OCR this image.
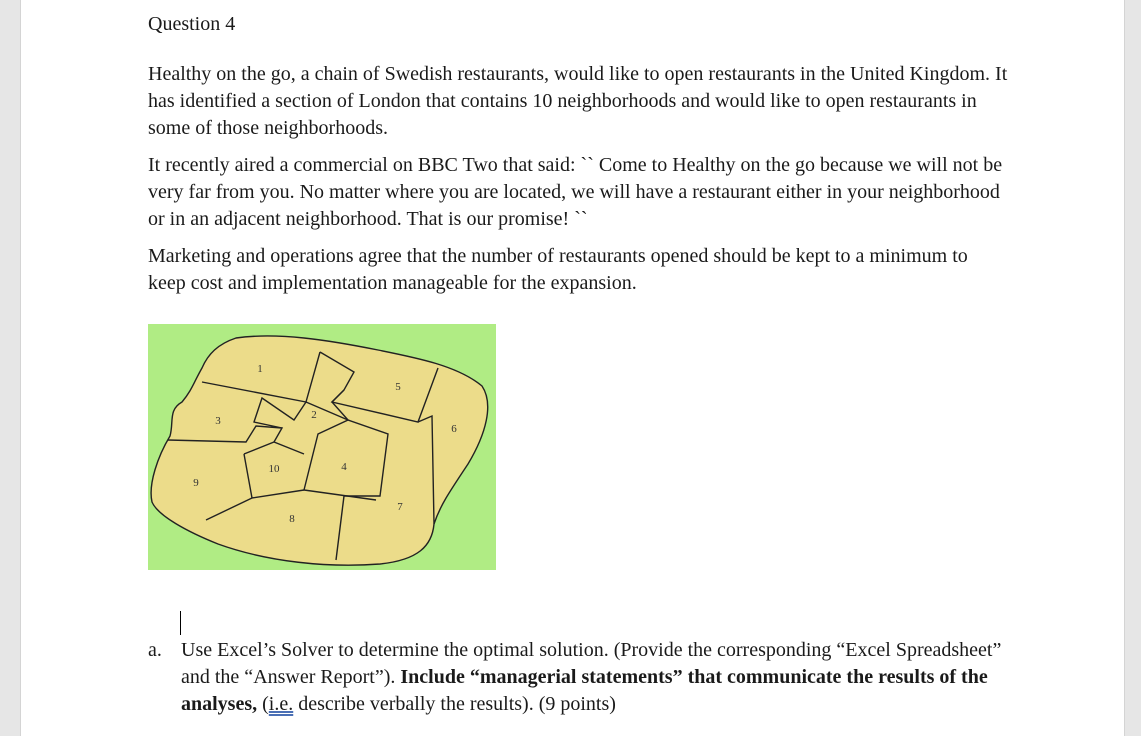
Question 4

Healthy on the go, a chain of Swedish restaurants, would like to open restaurants in the United Kingdom. It has identified a section of London that contains 10 neighborhoods and would like to open restaurants in some of those neighborhoods.

It recently aired a commercial on BBC Two that said: `` Come to Healthy on the go because we will not be very far from you. No matter where you are located, we will have a restaurant either in your neighborhood or in an adjacent neighborhood. That is our promise! ``

Marketing and operations agree that the number of restaurants opened should be kept to a minimum to keep cost and implementation manageable for the expansion.

1
2
3
4
5
6
7
8
9
10
a. Use Excel’s Solver to determine the optimal solution. (Provide the corresponding “Excel Spreadsheet” and the “Answer Report”). Include “managerial statements” that communicate the results of the analyses, (i.e. describe verbally the results). (9 points)
